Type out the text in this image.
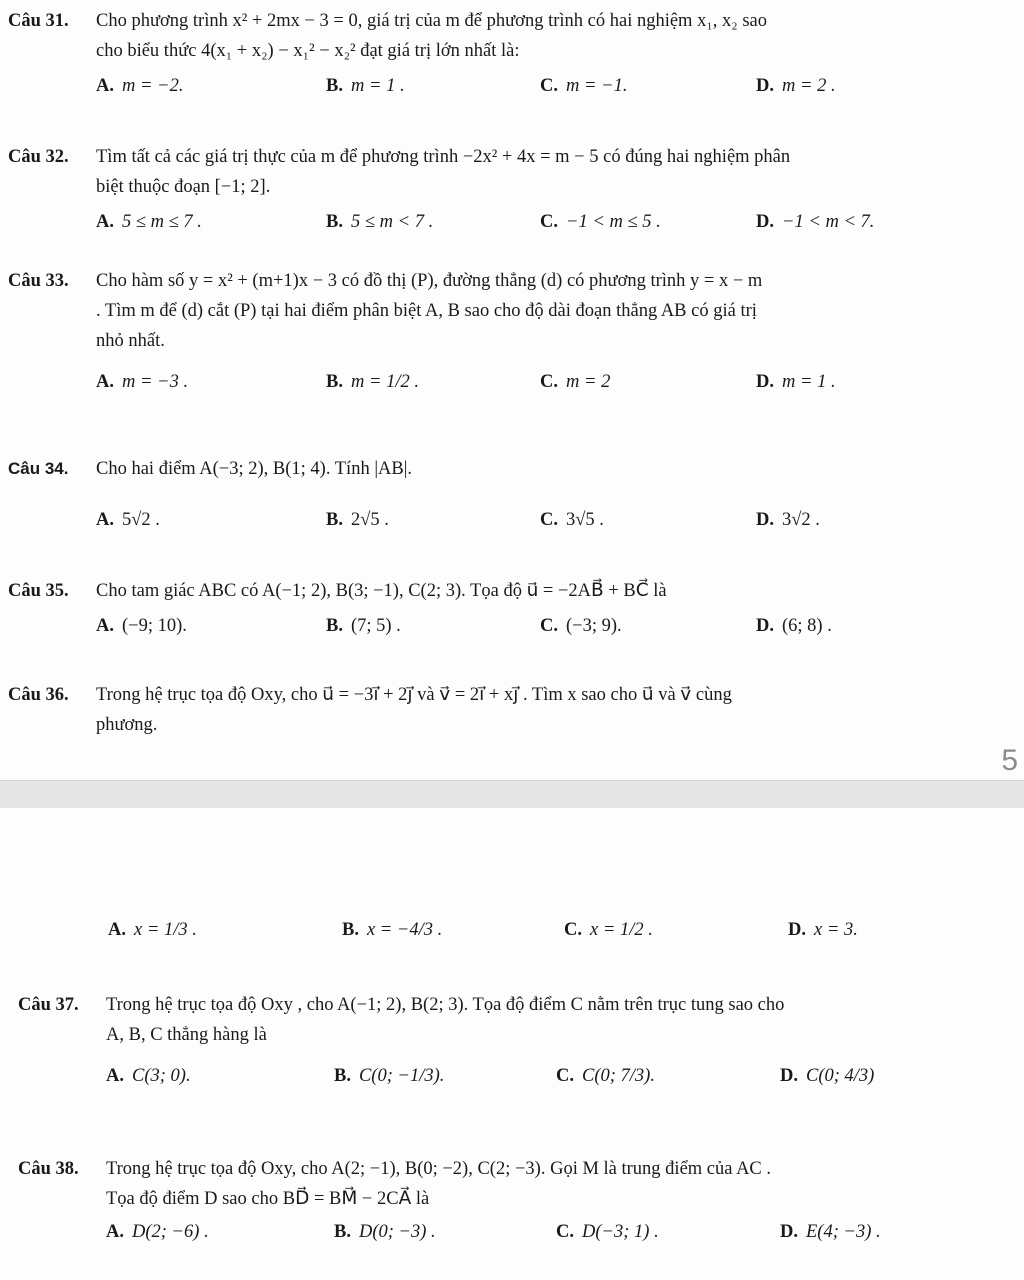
5
Câu 31. Cho phương trình x² + 2mx − 3 = 0, giá trị của m để phương trình có hai nghiệm x₁, x₂ sao
cho biểu thức 4(x₁ + x₂) − x₁² − x₂² đạt giá trị lớn nhất là:
A. m = −2.	B. m = 1 .	C. m = −1.	D. m = 2 .
Câu 32. Tìm tất cả các giá trị thực của m để phương trình −2x² + 4x = m − 5 có đúng hai nghiệm phân
biệt thuộc đoạn [−1; 2].
A. 5 ≤ m ≤ 7 .	B. 5 ≤ m < 7 .	C. −1 < m ≤ 5 .	D. −1 < m < 7.
Câu 33. Cho hàm số y = x² + (m+1)x − 3 có đồ thị (P), đường thẳng (d) có phương trình y = x − m
. Tìm m để (d) cắt (P) tại hai điểm phân biệt A, B sao cho độ dài đoạn thẳng AB có giá trị
nhỏ nhất.
A. m = −3 .	B. m = 1/2 .	C. m = 2	D. m = 1 .
Câu 34. Cho hai điểm A(−3; 2), B(1; 4). Tính |AB|.
A. 5√2 .	B. 2√5 .	C. 3√5 .	D. 3√2 .
Câu 35. Cho tam giác ABC có A(−1; 2), B(3; −1), C(2; 3). Tọa độ u⃗ = −2AB⃗ + BC⃗ là
A. (−9; 10).	B. (7; 5) .	C. (−3; 9).	D. (6; 8) .
Câu 36. Trong hệ trục tọa độ Oxy, cho u⃗ = −3i⃗ + 2j⃗ và v⃗ = 2i⃗ + xj⃗ . Tìm x sao cho u⃗ và v⃗ cùng
phương.
A. x = 1/3 .	B. x = −4/3 .	C. x = 1/2 .	D. x = 3.
Câu 37. Trong hệ trục tọa độ Oxy , cho A(−1; 2), B(2; 3). Tọa độ điểm C nằm trên trục tung sao cho
A, B, C thẳng hàng là
A. C(3; 0).	B. C(0; −1/3).	C. C(0; 7/3).	D. C(0; 4/3)
Câu 38. Trong hệ trục tọa độ Oxy, cho A(2; −1), B(0; −2), C(2; −3). Gọi M là trung điểm của AC .
Tọa độ điểm D sao cho BD⃗ = BM⃗ − 2CA⃗ là
A. D(2; −6) .	B. D(0; −3) .	C. D(−3; 1) .	D. E(4; −3) .
